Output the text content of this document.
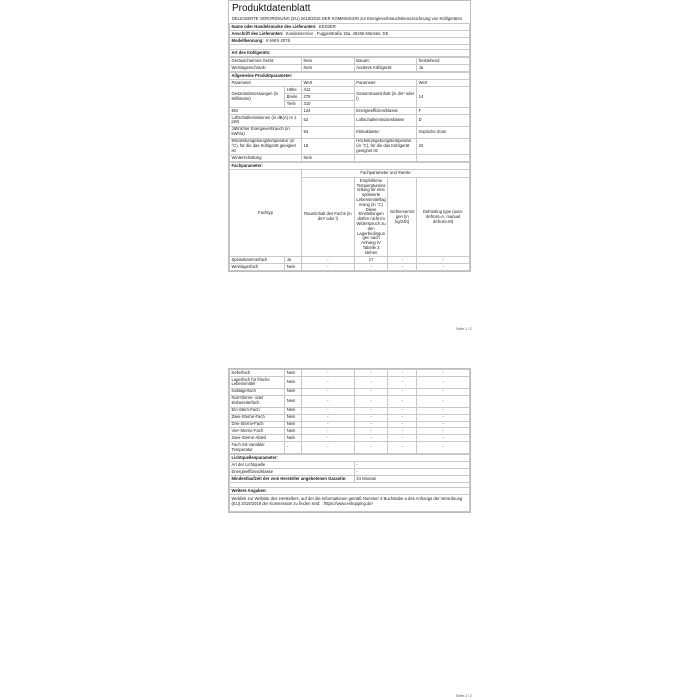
Produktdatenblatt
DELEGIERTE VERORDNUNG (EU) 2019/2016 DER KOMMISSION zur Energieverbrauchskennzeichnung von Kühlgeräten
Name oder Handelsmarke des Lieferanten: KESSER
Anschrift des Lieferanten: Kundenservice , Fuggerstraße 15a, 48165 Münster, DE
Modellkennung: K-MKS-2076

Art des Kühlgeräts:
Geräuscharmes Gerät:	Nein	Bauart:	freistehend
Weinlagerschrank:	Nein	Anderes Kühlgerät:	Ja
Allgemeine Produktparameter:				
Parameter		Wert	Parameter	Wert
Gesamtabmessungen (in Millimeter)	Höhe	412	Gesamtrauminhalt (in dm³ oder l)	14
	Breite	278		
	Tiefe	310		
EEI		124	Energieeffizienzklasse	F
Luftschallemissionen (in dB(A) re 1 pW)		52	Luftschallemissionsklasse	D
Jährlicher Energieverbrauch (in kWh/a)		94	Klimaklasse:	tropische Zone
Mindestumgebungstemperatur (in °C), für die das Kühlgerät geeignet ist		16	Höchstumgebungstemperatur (in °C), für die das Kühlgerät geeignet ist	32
Winterschaltung		Nein		
Fachparameter:					
Fachtyp		Fachparameter und #werte			
		Rauminhalt des Fachs (in dm³ oder l)	Empfohlene Temperatureinstellung für eine optimierte Lebensmittellagerung (in °C) Diese Einstellungen dürfen nicht im Widerspruch zu den Lagerbedingungen nach Anhang IV Tabelle 3 stehen	Gefriervermögen (in kg/24h)	Defrosting type (auto-defrost=A, manual defrost=M)
Speisekammerfach	Ja	-	17	-	-
Weinlagerfach	Nein	-	-	-	-
Seite 1 / 2
Kellerfach	Nein	-	-	-	-
Lagerfach für frische Lebensmittel	Nein	-	-	-	-
Kaltlagerfach	Nein	-	-	-	-
Null-Sterne- oder Eisbereiterfach	Nein	-	-	-	-
Ein-Stern-Fach	Nein	-	-	-	-
Zwei-Sterne-Fach	Nein	-	-	-	-
Drei-Sterne-Fach	Nein	-	-	-	-
Vier-Sterne-Fach	Nein	-	-	-	-
Zwei-Sterne-Abteil	Nein	-	-	-	-
Fach mit variabler Temperatur	-	-	-	-	-
Lichtquellenparameter:	
Art der Lichtquelle	-
Energieeffizienzklasse	-
Mindestlaufzeit der vom Hersteller angebotenen Garantie:	24 Monate

Weitere Angaben:	
Weblink zur Website des Herstellers, auf der die Informationen gemäß Nummer 4 Buchstabe a des Anhangs der Verordnung (EU) 2019/2019 der Kommission zu finden sind: : https://www.eshopping.de/	
Seite 2 / 2
